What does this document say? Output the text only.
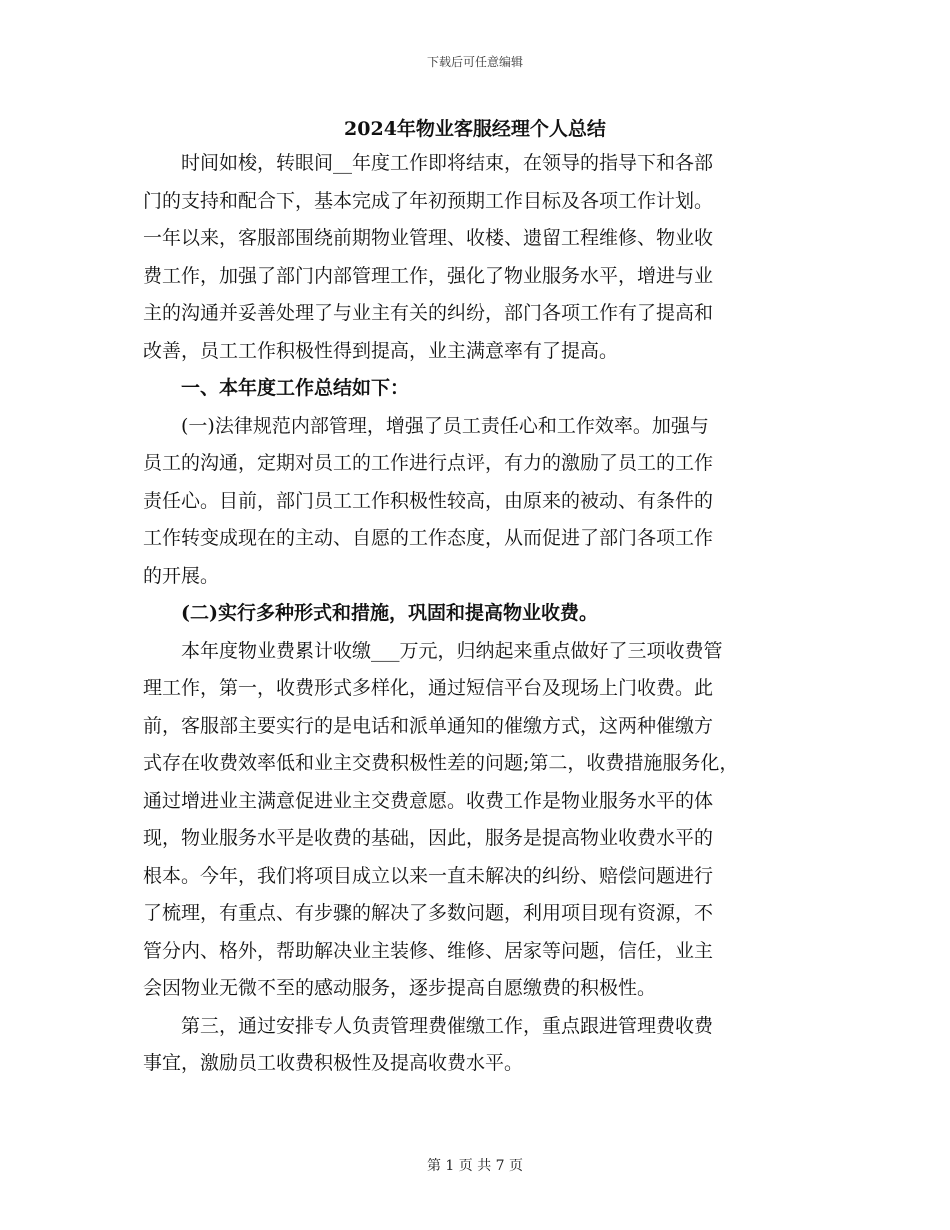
下载后可任意编辑
2024年物业客服经理个人总结
时间如梭，转眼间__年度工作即将结束，在领导的指导下和各部
门的支持和配合下，基本完成了年初预期工作目标及各项工作计划。
一年以来，客服部围绕前期物业管理、收楼、遗留工程维修、物业收
费工作，加强了部门内部管理工作，强化了物业服务水平，增进与业
主的沟通并妥善处理了与业主有关的纠纷，部门各项工作有了提高和
改善，员工工作积极性得到提高，业主满意率有了提高。
一、本年度工作总结如下：
(一)法律规范内部管理，增强了员工责任心和工作效率。加强与
员工的沟通，定期对员工的工作进行点评，有力的激励了员工的工作
责任心。目前，部门员工工作积极性较高，由原来的被动、有条件的
工作转变成现在的主动、自愿的工作态度，从而促进了部门各项工作
的开展。
(二)实行多种形式和措施，巩固和提高物业收费。
本年度物业费累计收缴___万元，归纳起来重点做好了三项收费管
理工作，第一，收费形式多样化，通过短信平台及现场上门收费。此
前，客服部主要实行的是电话和派单通知的催缴方式，这两种催缴方
式存在收费效率低和业主交费积极性差的问题;第二，收费措施服务化，
通过增进业主满意促进业主交费意愿。收费工作是物业服务水平的体
现，物业服务水平是收费的基础，因此，服务是提高物业收费水平的
根本。今年，我们将项目成立以来一直未解决的纠纷、赔偿问题进行
了梳理，有重点、有步骤的解决了多数问题，利用项目现有资源，不
管分内、格外，帮助解决业主装修、维修、居家等问题，信任，业主
会因物业无微不至的感动服务，逐步提高自愿缴费的积极性。
第三，通过安排专人负责管理费催缴工作，重点跟进管理费收费
事宜，激励员工收费积极性及提高收费水平。
第 1 页 共 7 页
